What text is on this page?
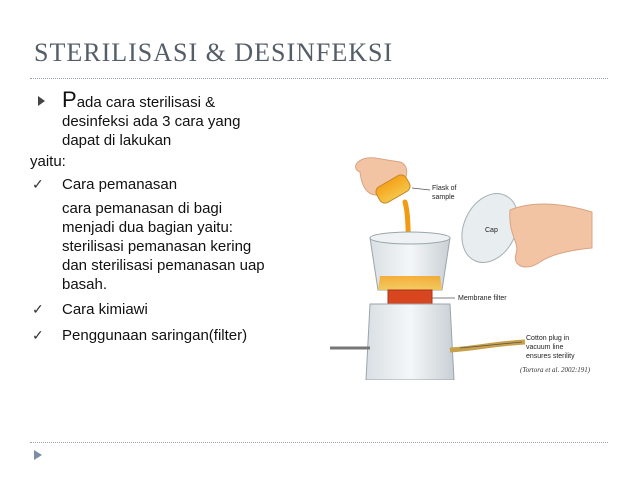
STERILISASI & DESINFEKSI
Pada cara sterilisasi &
desinfeksi ada 3 cara yang
dapat di lakukan
yaitu:
✓	Cara pemanasan
cara pemanasan di bagi
menjadi dua bagian yaitu:
sterilisasi pemanasan kering
dan sterilisasi pemanasan uap
basah.
✓	Cara kimiawi
✓	Penggunaan saringan(filter)
Flask of
sample
Cap
Membrane filter
Cotton plug in
vacuum line
ensures sterility
(Tortora et al. 2002:191)
